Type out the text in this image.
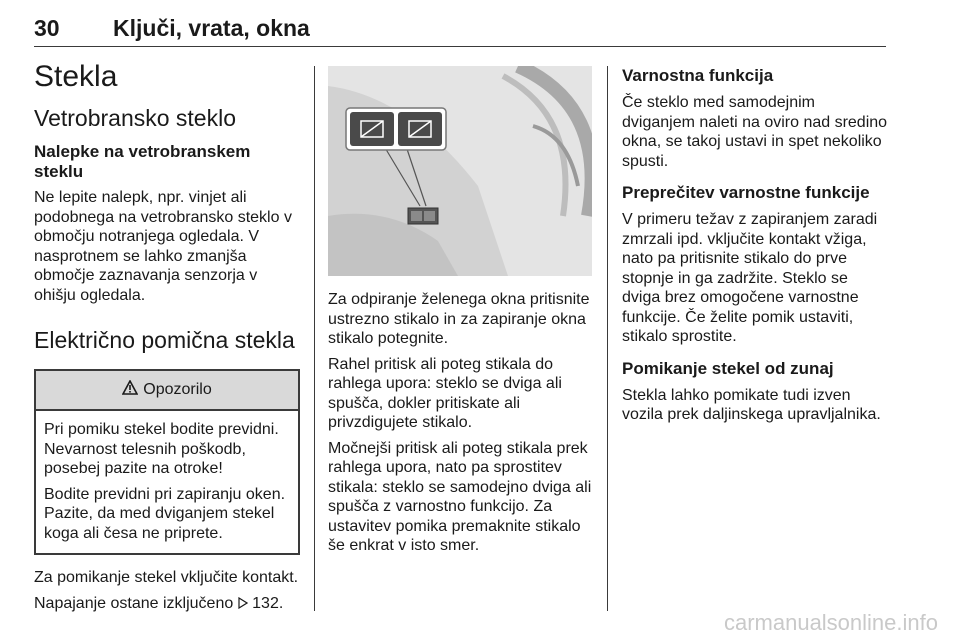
30 Ključi, vrata, okna
Stekla
Vetrobransko steklo
Nalepke na vetrobranskem steklu

Ne lepite nalepk, npr. vinjet ali podobnega na vetrobransko steklo v območju notranjega ogledala. V nasprotnem se lahko zmanjša območje zaznavanja senzorja v ohišju ogledala.

Električno pomična stekla
Opozorilo

Pri pomiku stekel bodite previdni. Nevarnost telesnih poškodb, posebej pazite na otroke!

Bodite previdni pri zapiranju oken. Pazite, da med dviganjem stekel koga ali česa ne priprete.

Za pomikanje stekel vključite kontakt.

Napajanje ostane izključeno 132.

Za odpiranje želenega okna pritisnite ustrezno stikalo in za zapiranje okna stikalo potegnite.

Rahel pritisk ali poteg stikala do rahlega upora: steklo se dviga ali spušča, dokler pritiskate ali privzdigujete stikalo.

Močnejši pritisk ali poteg stikala prek rahlega upora, nato pa sprostitev stikala: steklo se samodejno dviga ali spušča z varnostno funkcijo. Za ustavitev pomika premaknite stikalo še enkrat v isto smer.

Varnostna funkcija

Če steklo med samodejnim dviganjem naleti na oviro nad sredino okna, se takoj ustavi in spet nekoliko spusti.

Preprečitev varnostne funkcije

V primeru težav z zapiranjem zaradi zmrzali ipd. vključite kontakt vžiga, nato pa pritisnite stikalo do prve stopnje in ga zadržite. Steklo se dviga brez omogočene varnostne funkcije. Če želite pomik ustaviti, stikalo sprostite.

Pomikanje stekel od zunaj

Stekla lahko pomikate tudi izven vozila prek daljinskega upravljalnika.

carmanualsonline.info
